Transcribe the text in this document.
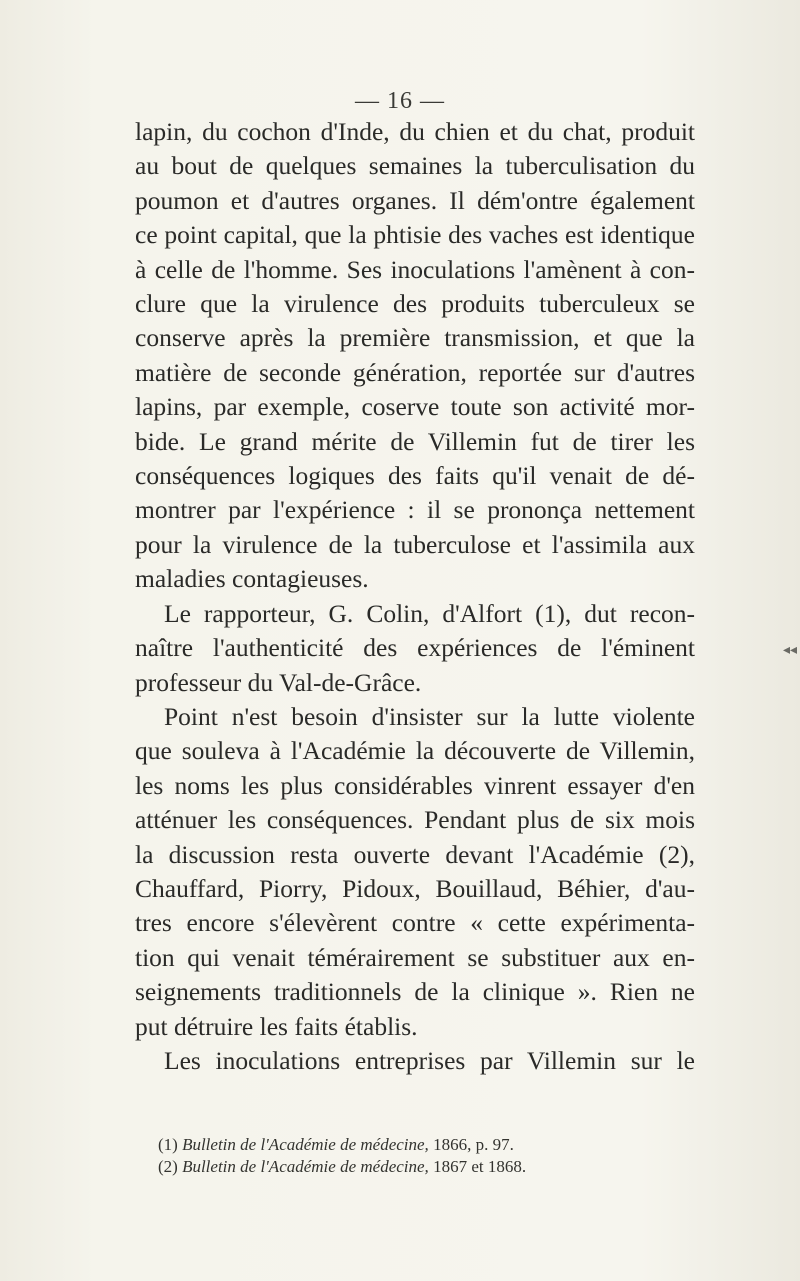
— 16 —
lapin, du cochon d'Inde, du chien et du chat, produit
au bout de quelques semaines la tuberculisation du
poumon et d'autres organes. Il dém'ontre également
ce point capital, que la phtisie des vaches est identique
à celle de l'homme. Ses inoculations l'amènent à con-
clure que la virulence des produits tuberculeux se
conserve après la première transmission, et que la
matière de seconde génération, reportée sur d'autres
lapins, par exemple, coserve toute son activité mor-
bide. Le grand mérite de Villemin fut de tirer les
conséquences logiques des faits qu'il venait de dé-
montrer par l'expérience : il se prononça nettement
pour la virulence de la tuberculose et l'assimila aux
maladies contagieuses.
Le rapporteur, G. Colin, d'Alfort (1), dut recon-
naître l'authenticité des expériences de l'éminent
professeur du Val-de-Grâce.
Point n'est besoin d'insister sur la lutte violente
que souleva à l'Académie la découverte de Villemin,
les noms les plus considérables vinrent essayer d'en
atténuer les conséquences. Pendant plus de six mois
la discussion resta ouverte devant l'Académie (2),
Chauffard, Piorry, Pidoux, Bouillaud, Béhier, d'au-
tres encore s'élevèrent contre « cette expérimenta-
tion qui venait témérairement se substituer aux en-
seignements traditionnels de la clinique ». Rien ne
put détruire les faits établis.
Les inoculations entreprises par Villemin sur le
◂◂
(1) Bulletin de l'Académie de médecine, 1866, p. 97.
(2) Bulletin de l'Académie de médecine, 1867 et 1868.
